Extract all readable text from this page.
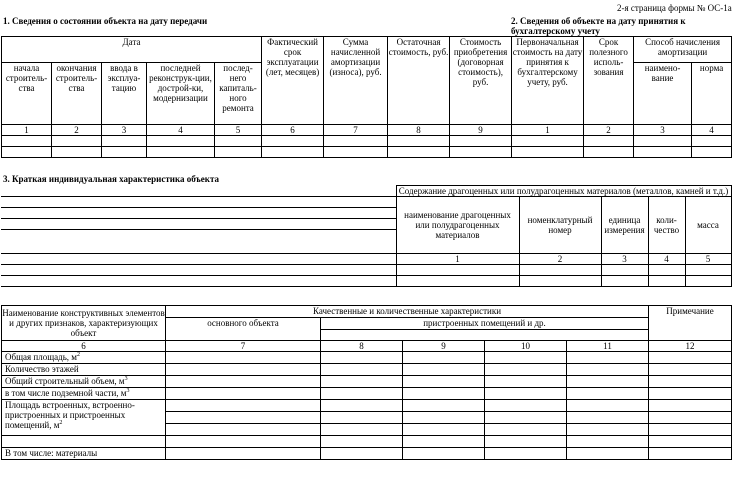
2-я страница формы № ОС-1а
1. Сведения о состоянии объекта на дату передачи	2. Сведения об объекте на дату принятия к бухгалтерскому учету
Дата					Фактический срок эксплуатации (лет, месяцев)	Сумма начисленной амортизации (износа), руб.	Остаточная стоимость, руб.	Стоимость приобретения (договорная стоимость), руб.	Первоначальная стоимость на дату принятия к бухгалтерскому учету, руб.	Срок полезного исполь-зования	Способ начисления амортизации	
начала строитель-ства	окончания строитель-ства	ввода в эксплуа-тацию	последней реконструк-ции, дострой-ки, модернизации	послед-него капиталь-ного ремонта							наимено-вание	норма
1	2	3	4	5	6	7	8	9	1	2	3	4

3. Краткая индивидуальная характеристика объекта
	Содержание драгоценных или полудрагоценных материалов (металлов, камней и т.д.)				
	наименование драгоценных или полудрагоценных материалов	номенклатурный номер	единица измерения	коли-чество	масса

	1	2	3	4	5

Наименование конструктивных элементов и других признаков, характеризующих объект	Качественные и количественные характеристики					Примечание
	основного объекта	пристроенных помещений и др.				

6	7	8	9	10	11	12
Общая площадь, $м^2$						
Количество этажей						
Общий строительный объем, $м^3$						
в том числе подземной части, $м^3$						
Площадь встроенных, встроенно-
пристроенных и пристроенных
помещений, $м^2$						

В том числе: материалы						
